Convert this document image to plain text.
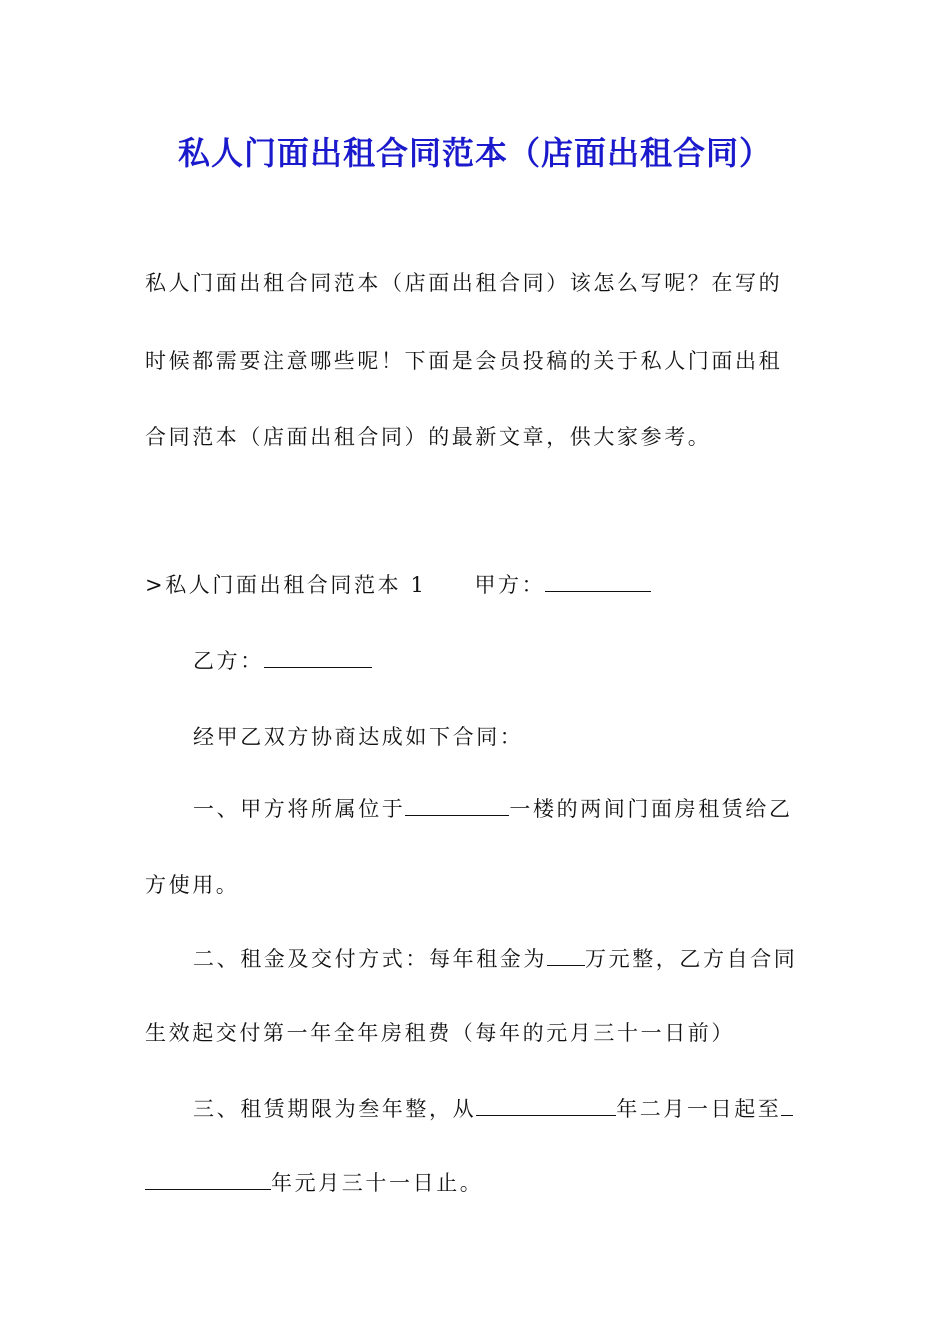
私人门面出租合同范本（店面出租合同）
私人门面出租合同范本（店面出租合同）该怎么写呢？在写的
时候都需要注意哪些呢！下面是会员投稿的关于私人门面出租
合同范本（店面出租合同）的最新文章，供大家参考。
>私人门面出租合同范本 1 甲方：
乙方：
经甲乙双方协商达成如下合同：
一、甲方将所属位于	一楼的两间门面房租赁给乙
方使用。
二、租金及交付方式：每年租金为 万元整，乙方自合同
生效起交付第一年全年房租费（每年的元月三十一日前）
三、租赁期限为叁年整，从	年二月一日起至
年元月三十一日止。
